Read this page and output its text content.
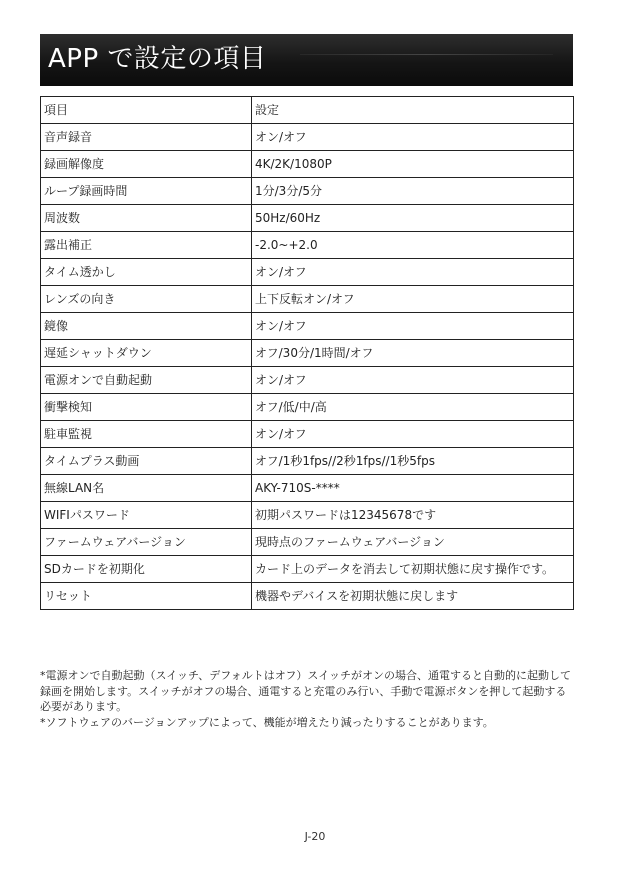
APP で設定の項目
項目	設定
音声録音	オン/オフ
録画解像度	4K/2K/1080P
ループ録画時間	1分/3分/5分
周波数	50Hz/60Hz
露出補正	-2.0~+2.0
タイム透かし	オン/オフ
レンズの向き	上下反転オン/オフ
鏡像	オン/オフ
遅延シャットダウン	オフ/30分/1時間/オフ
電源オンで自動起動	オン/オフ
衝撃検知	オフ/低/中/高
駐車監視	オン/オフ
タイムプラス動画	オフ/1秒1fps//2秒1fps//1秒5fps
無線LAN名	AKY-710S-****
WIFIパスワード	初期パスワードは12345678です
ファームウェアバージョン	現時点のファームウェアバージョン
SDカードを初期化	カード上のデータを消去して初期状態に戻す操作です。
リセット	機器やデバイスを初期状態に戻します

*電源オンで自動起動（スイッチ、デフォルトはオフ）スイッチがオンの場合、通電すると自動的に起動して録画を開始します。スイッチがオフの場合、通電すると充電のみ行い、手動で電源ボタンを押して起動する必要があります。

*ソフトウェアのバージョンアップによって、機能が増えたり減ったりすることがあります。

J-20
